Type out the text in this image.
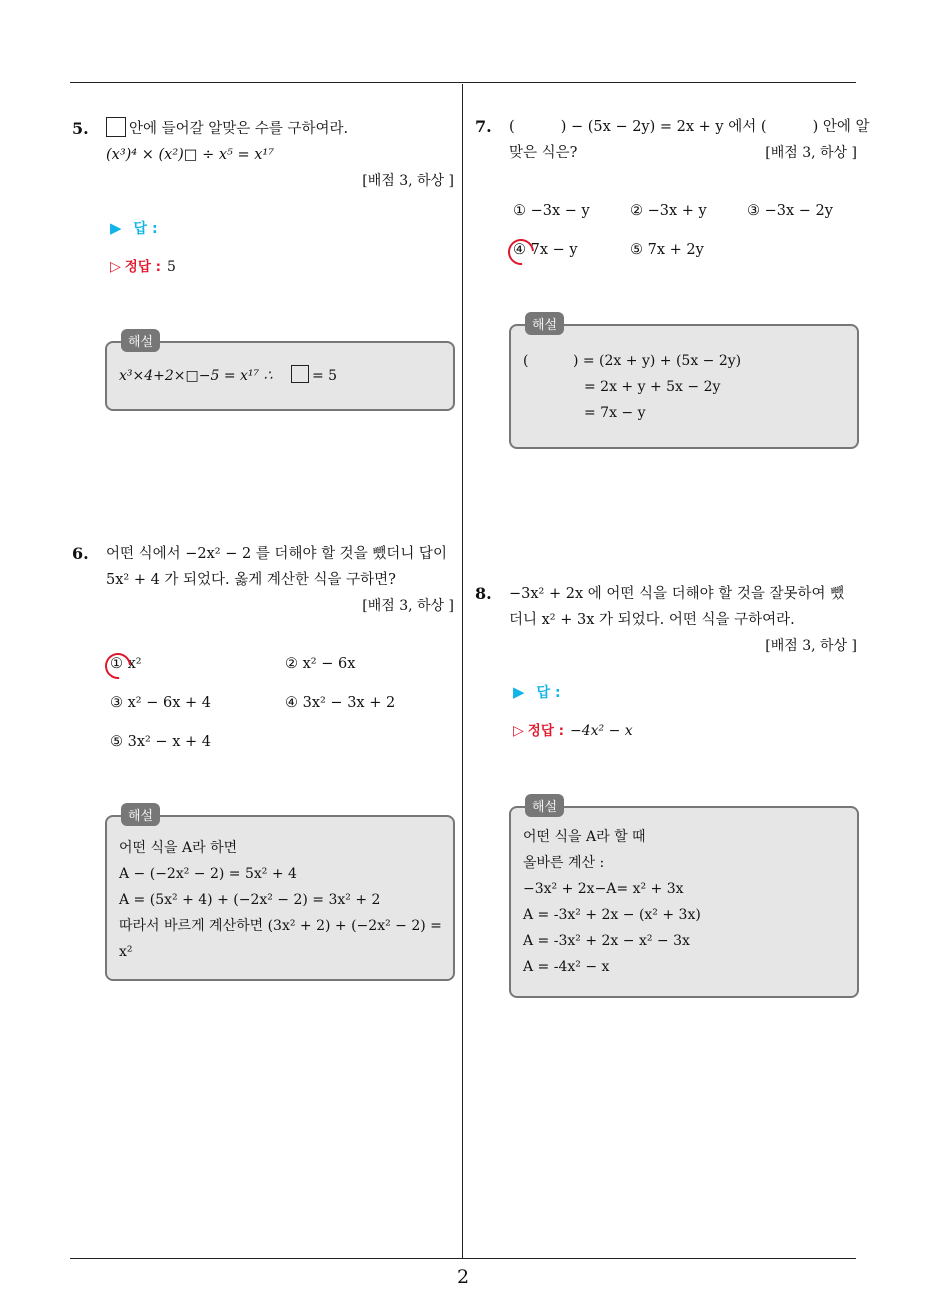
2
5.	안에 들어갈 알맞은 수를 구하여라.
(x³)⁴ × (x²)□ ÷ x⁵ = x¹⁷
[배점 3, 하상 ]
▶ 답 :
▷ 정답 : 5
해설
x³×4+2×□−5 = x¹⁷ ∴	= 5
6. 어떤 식에서 −2x² − 2 를 더해야 할 것을 뺐더니 답이
5x² + 4 가 되었다. 옳게 계산한 식을 구하면?
[배점 3, 하상 ]
① x²	② x² − 6x
③ x² − 6x + 4	④ 3x² − 3x + 2
⑤ 3x² − x + 4
해설
어떤 식을 A라 하면
A − (−2x² − 2) = 5x² + 4
A = (5x² + 4) + (−2x² − 2) = 3x² + 2
따라서 바르게 계산하면 (3x² + 2) + (−2x² − 2) =
x²
7. (          ) − (5x − 2y) = 2x + y 에서 (          ) 안에 알
맞은 식은?	[배점 3, 하상 ]
① −3x − y	② −3x + y	③ −3x − 2y
④ 7x − y	⑤ 7x + 2y
해설
(          ) = (2x + y) + (5x − 2y)
= 2x + y + 5x − 2y
= 7x − y
8. −3x² + 2x 에 어떤 식을 더해야 할 것을 잘못하여 뺐
더니 x² + 3x 가 되었다. 어떤 식을 구하여라.
[배점 3, 하상 ]
▶ 답 :
▷ 정답 : −4x² − x
해설
어떤 식을 A라 할 때
올바른 계산 :
−3x² + 2x−A= x² + 3x
A = -3x² + 2x − (x² + 3x)
A = -3x² + 2x − x² − 3x
A = -4x² − x
